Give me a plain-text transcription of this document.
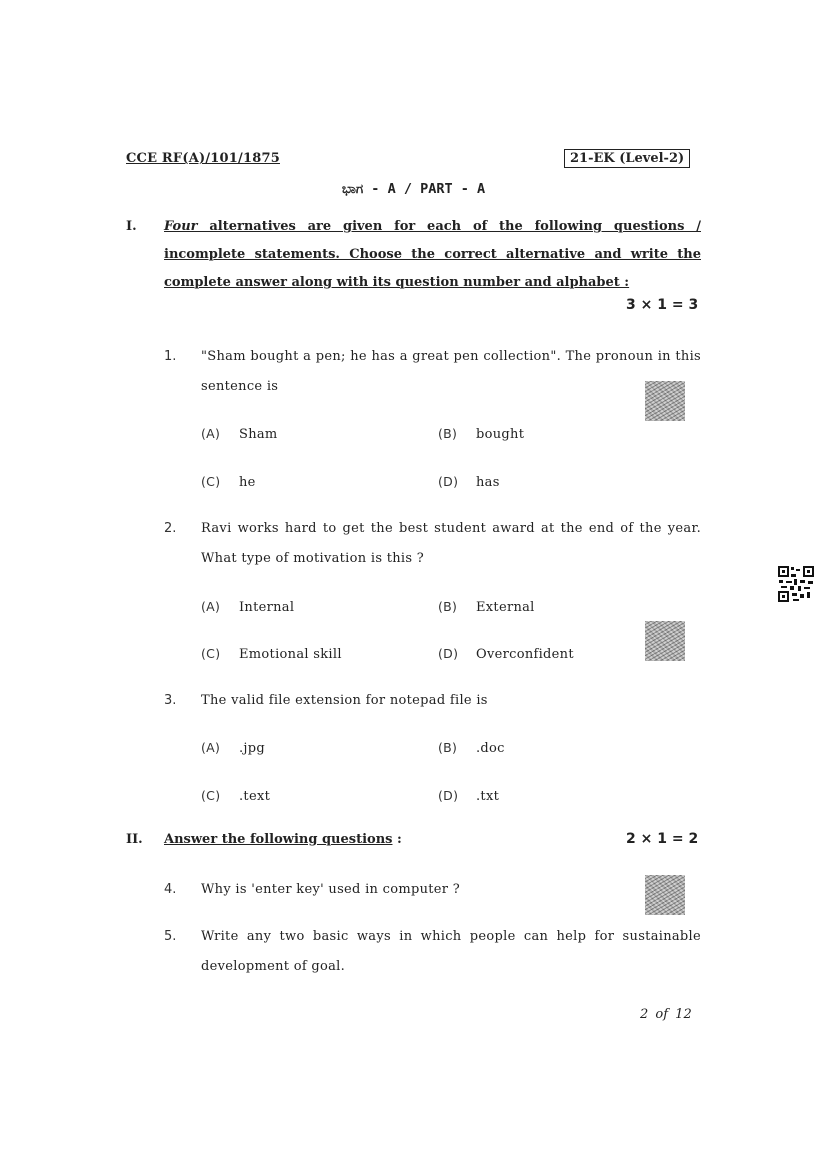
CCE RF(A)/101/1875	21-EK (Level-2)
ಭಾಗ - A / PART - A
I. Four alternatives are given for each of the following questions / incomplete statements. Choose the correct alternative and write the complete answer along with its question number and alphabet :
3 × 1 = 3
1. "Sham bought a pen; he has a great pen collection". The pronoun in this sentence is
(A) Sham	(B) bought
(C) he	(D) has
2. Ravi works hard to get the best student award at the end of the year. What type of motivation is this ?
(A) Internal	(B) External
(C) Emotional skill	(D) Overconfident
3. The valid file extension for notepad file is
(A) .jpg	(B) .doc
(C) .text	(D) .txt
II. Answer the following questions :	2 × 1 = 2
4. Why is 'enter key' used in computer ?
5. Write any two basic ways in which people can help for sustainable development of goal.
2 of 12
